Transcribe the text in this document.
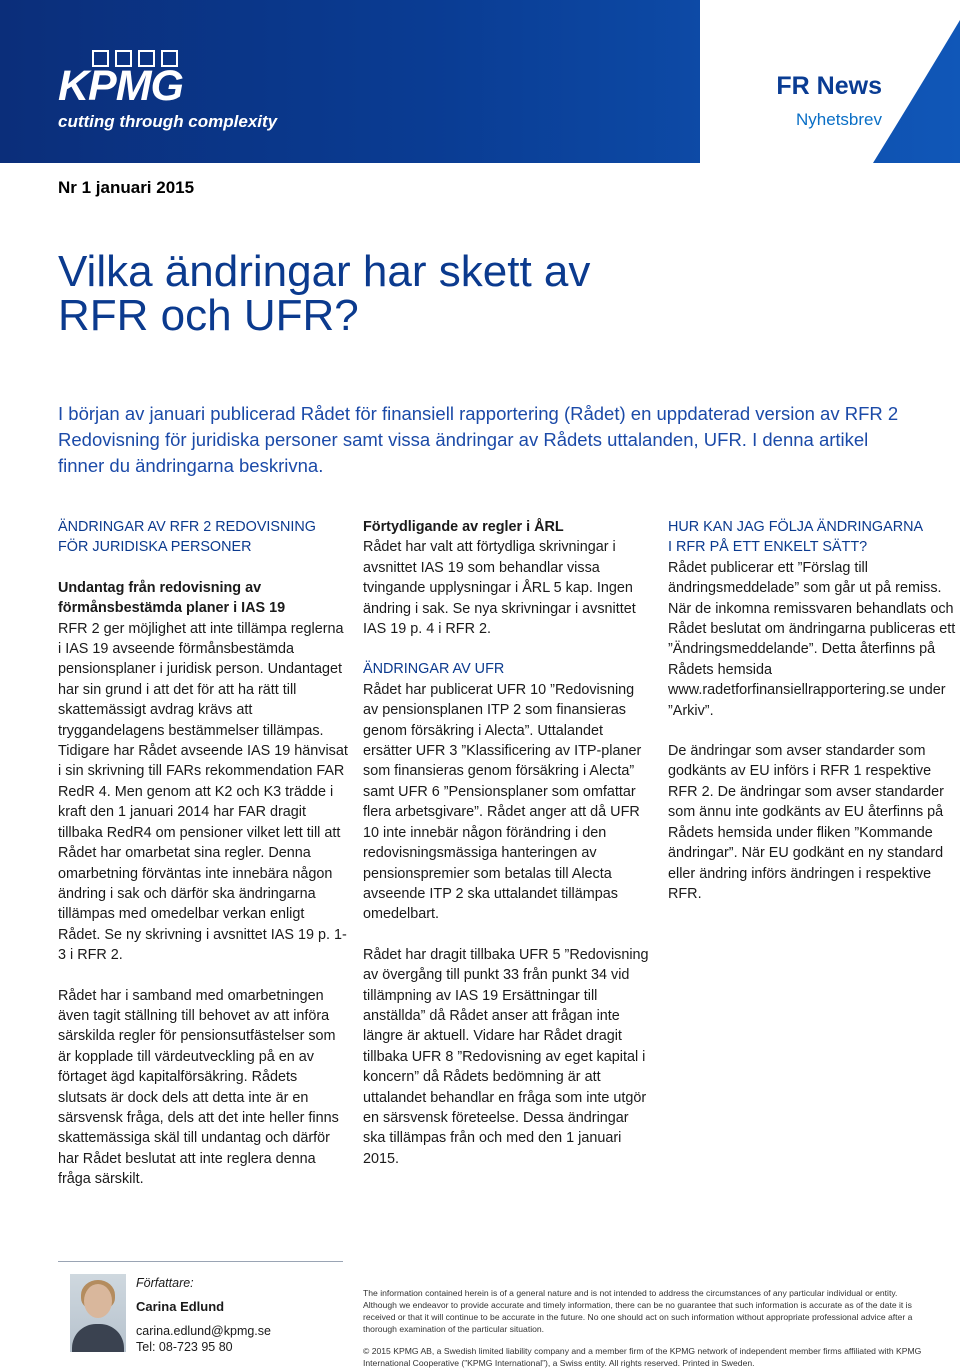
KPMG
cutting through complexity
FR News
Nyhetsbrev
Nr 1 januari 2015
Vilka ändringar har skett av
RFR och UFR?

I början av januari publicerad Rådet för finansiell rapportering (Rådet) en uppdaterad version av RFR 2 Redovisning för juridiska personer samt vissa ändringar av Rådets uttalanden, UFR. I denna artikel finner du ändringarna beskrivna.

ÄNDRINGAR AV RFR 2 REDOVISNING
FÖR JURIDISKA PERSONER

Undantag från redovisning av
förmånsbestämda planer i IAS 19

RFR 2 ger möjlighet att inte tillämpa reglerna i IAS 19 avseende förmånsbestämda pensionsplaner i juridisk person. Undantaget har sin grund i att det för att ha rätt till skattemässigt avdrag krävs att tryggandelagens bestämmelser tillämpas. Tidigare har Rådet avseende IAS 19 hänvisat i sin skrivning till FARs rekommendation FAR RedR 4. Men genom att K2 och K3 trädde i kraft den 1 januari 2014 har FAR dragit tillbaka RedR4 om pensioner vilket lett till att Rådet har omarbetat sina regler. Denna omarbetning förväntas inte innebära någon ändring i sak och därför ska ändringarna tillämpas med omedelbar verkan enligt Rådet. Se ny skrivning i avsnittet IAS 19 p. 1-3 i RFR 2.

Rådet har i samband med omarbetningen även tagit ställning till behovet av att införa särskilda regler för pensionsutfästelser som är kopplade till värdeutveckling på en av förtaget ägd kapitalförsäkring. Rådets slutsats är dock dels att detta inte är en särsvensk fråga, dels att det inte heller finns skattemässiga skäl till undantag och därför har Rådet beslutat att inte reglera denna fråga särskilt.

Förtydligande av regler i ÅRL

Rådet har valt att förtydliga skrivningar i avsnittet IAS 19 som behandlar vissa tvingande upplysningar i ÅRL 5 kap. Ingen ändring i sak. Se nya skrivningar i avsnittet IAS 19 p. 4 i RFR 2.

ÄNDRINGAR AV UFR

Rådet har publicerat UFR 10 ”Redovisning av pensionsplanen ITP 2 som finansieras genom försäkring i Alecta”. Uttalandet ersätter UFR 3 ”Klassificering av ITP-planer som finansieras genom försäkring i Alecta” samt UFR 6 ”Pensionsplaner som omfattar flera arbetsgivare”. Rådet anger att då UFR 10 inte innebär någon förändring i den redovisningsmässiga hanteringen av pensionspremier som betalas till Alecta avseende ITP 2 ska uttalandet tillämpas omedelbart.

Rådet har dragit tillbaka UFR 5 ”Redovisning av övergång till punkt 33 från punkt 34 vid tillämpning av IAS 19 Ersättningar till anställda” då Rådet anser att frågan inte längre är aktuell. Vidare har Rådet dragit tillbaka UFR 8 ”Redovisning av eget kapital i koncern” då Rådets bedömning är att uttalandet behandlar en fråga som inte utgör en särsvensk företeelse. Dessa ändringar ska tillämpas från och med den 1 januari 2015.

HUR KAN JAG FÖLJA ÄNDRINGARNA
I RFR PÅ ETT ENKELT SÄTT?

Rådet publicerar ett ”Förslag till ändringsmeddelade” som går ut på remiss. När de inkomna remissvaren behandlats och Rådet beslutat om ändringarna publiceras ett ”Ändringsmeddelande”. Detta återfinns på Rådets hemsida www.radetforfinansiellrapportering.se under ”Arkiv”.

De ändringar som avser standarder som godkänts av EU införs i RFR 1 respektive RFR 2. De ändringar som avser standarder som ännu inte godkänts av EU återfinns på Rådets hemsida under fliken ”Kommande ändringar”. När EU godkänt en ny standard eller ändring införs ändringen i respektive RFR.

Författare:
Carina Edlund
carina.edlund@kpmg.se
Tel: 08-723 95 80

The information contained herein is of a general nature and is not intended to address the circumstances of any particular individual or entity. Although we endeavor to provide accurate and timely information, there can be no guarantee that such information is accurate as of the date it is received or that it will continue to be accurate in the future. No one should act on such information without appropriate professional advice after a thorough examination of the particular situation.

© 2015 KPMG AB, a Swedish limited liability company and a member firm of the KPMG network of independent member firms affiliated with KPMG International Cooperative (”KPMG International”), a Swiss entity. All rights reserved. Printed in Sweden.
